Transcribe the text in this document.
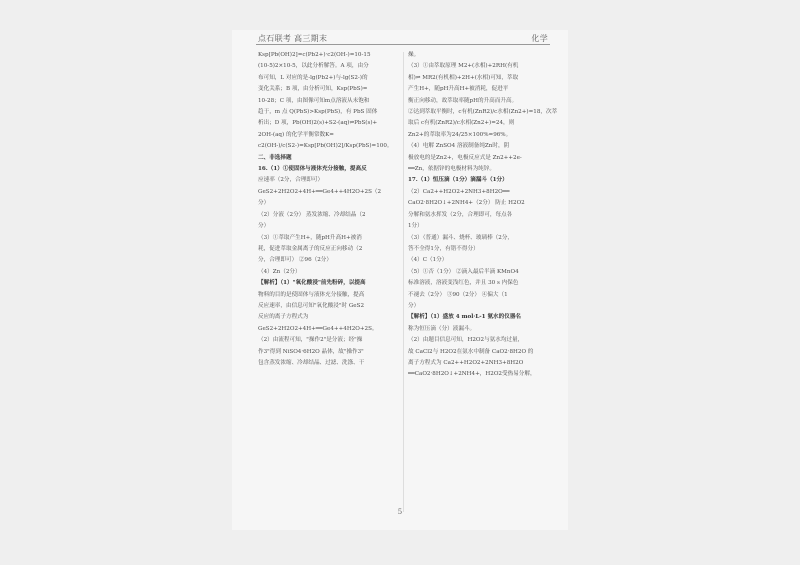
点石联考 高三期末	化学

Ksp[Pb(OH)2]=c(Pb2+)·c2(OH-)=10-15

(10-5)2×10-5，以此分析解答。A 项，由分

布可知，L 对应的是-lg(Pb2+)与-lg(S2-)的

变化关系；B 项，由分析可知，Ksp(PbS)=

10-28；C 项，由图像可知m点溶液从未饱和

趋于，m 点 Q(PbS)>Ksp(PbS)，有 PbS 固体

析出；D 项，Pb(OH)2(s)+S2-(aq)⇌PbS(s)+

2OH-(aq) 的化学平衡常数K=

c2(OH-)/c(S2-)=Ksp[Pb(OH)2]/Ksp(PbS)=100。

二、非选择题

16.（1）①使固体与液体充分接触，提高反

应速率（2分，合理即可）

GeS2+2H2O2+4H+══Ge4++4H2O+2S（2

分）

（2）分液（2分） 蒸发浓缩、冷却结晶（2

分）

（3）①萃取产生H+，随pH升高H+被消

耗，促进萃取金属离子的反应正向移动（2

分，合理即可） ②96（2分）

（4）Zn（2分）

【解析】（1）"氧化酸浸"前先粉碎，以提高

物料的目的是使固体与液体充分接触，提高

反应速率，由信息可知"氧化酸浸"时 GeS2

反应的离子方程式为

GeS2+2H2O2+4H+══Ge4++4H2O+2S。

（2）由流程可知，"操作2"是分液；经"操

作3"得到 NiSO4·6H2O 晶体，故"操作3"

包含蒸发浓缩、冷却结晶、过滤、洗涤、干

燥。

（3）①由萃取原理 M2+(水相)+2RH(有机

相)⇌ MR2(有机相)+2H+(水相)可知，萃取

产生H+，随pH升高H+被消耗，促进平

衡正向移动，故萃取率随pH的升高而升高。

②达到萃取平衡时，c有机(ZnR2)/c水相(Zn2+)=18，次萃

取后 c有机(ZnR2)/c水相(Zn2+)=24，则

Zn2+的萃取率为24/25×100%=96%。

（4）电解 ZnSO4 溶液制备纯Zn时，阴

极放电的是Zn2+，电极反应式是 Zn2++2e-

══Zn，依据锌的电极材料为纯锌。

17.（1）恒压滴（1分）滴漏斗（1分）

（2）Ca2++H2O2+2NH3+8H2O══

CaO2·8H2O↓+2NH4+（2分） 防止 H2O2

分解和氨水挥发（2分，合理即可，每点各

1分）

（3）（普通）漏斗、烧杯、玻璃棒（2分，

答不全得1分，有错不得分）

（4）C（1分）

（5）①否（1分） ②滴入最后半滴 KMnO4

标准溶液，溶液变浅红色，并且 30 s 内保色

不褪去（2分） ③90（2分） ④偏大（1

分）

【解析】（1）盛放 4 mol·L-1 氨水的仪器名

称为恒压滴（分）液漏斗。

（2）由题目信息可知，H2O2与氨水均过量，

故 CaCl2与 H2O2在氨水中制备 CaO2·8H2O 的

离子方程式为 Ca2++H2O2+2NH3+8H2O

══CaO2·8H2O↓+2NH4+，H2O2受热易分解，

5
